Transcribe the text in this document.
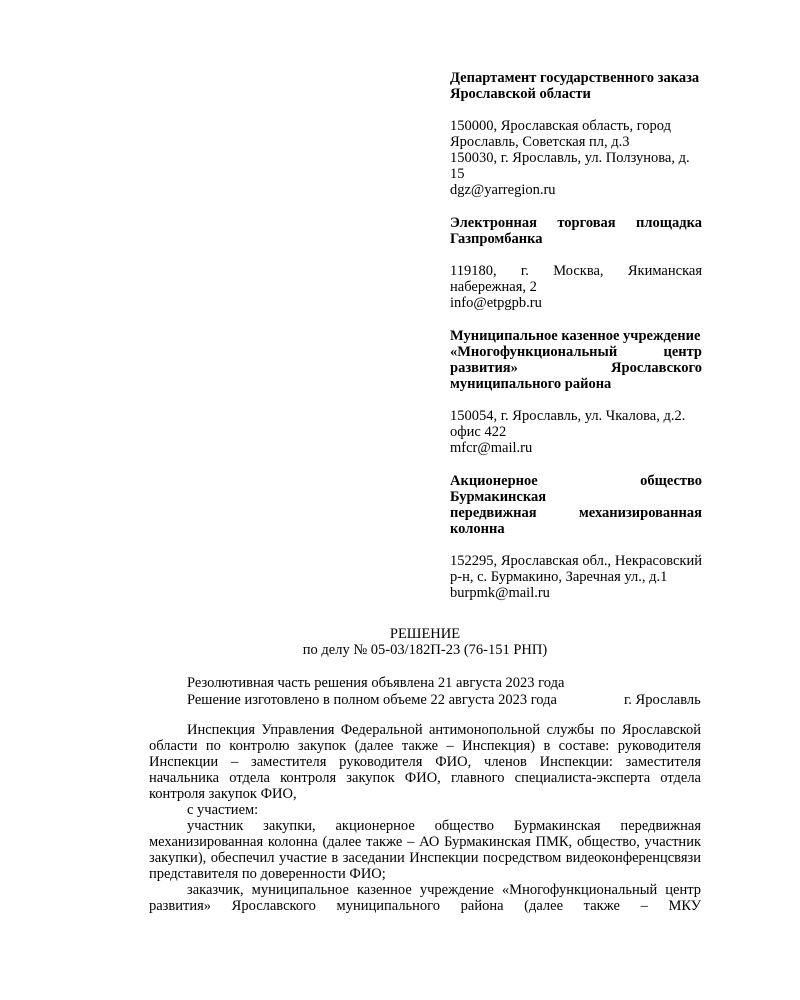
Департамент государственного заказа
Ярославской области

150000, Ярославская область, город
Ярославль, Советская пл, д.3
150030, г. Ярославль, ул. Ползунова, д.
15
dgz@yarregion.ru

Электронная торговая площадка
Газпромбанка

119180, г. Москва, Якиманская
набережная, 2
info@etpgpb.ru

Муниципальное казенное учреждение
«Многофункциональный центр
развития» Ярославского
муниципального района

150054, г. Ярославль, ул. Чкалова, д.2.
офис 422
mfcr@mail.ru

Акционерное общество Бурмакинская
передвижная механизированная
колонна

152295, Ярославская обл., Некрасовский
р-н, с. Бурмакино, Заречная ул., д.1
burpmk@mail.ru
РЕШЕНИЕ
по делу № 05-03/182П-23 (76-151 РНП)
Резолютивная часть решения объявлена 21 августа 2023 года
Решение изготовлено в полном объеме 22 августа 2023 года	г. Ярославль

Инспекция Управления Федеральной антимонопольной службы по Ярославской области по контролю закупок (далее также – Инспекция) в составе: руководителя Инспекции – заместителя руководителя ФИО, членов Инспекции: заместителя начальника отдела контроля закупок ФИО, главного специалиста-эксперта отдела контроля закупок ФИО,

с участием:

участник закупки, акционерное общество Бурмакинская передвижная механизированная колонна (далее также – АО Бурмакинская ПМК, общество, участник закупки), обеспечил участие в заседании Инспекции посредством видеоконференцсвязи представителя по доверенности ФИО;

заказчик, муниципальное казенное учреждение «Многофункциональный центр развития» Ярославского муниципального района (далее также – МКУ
